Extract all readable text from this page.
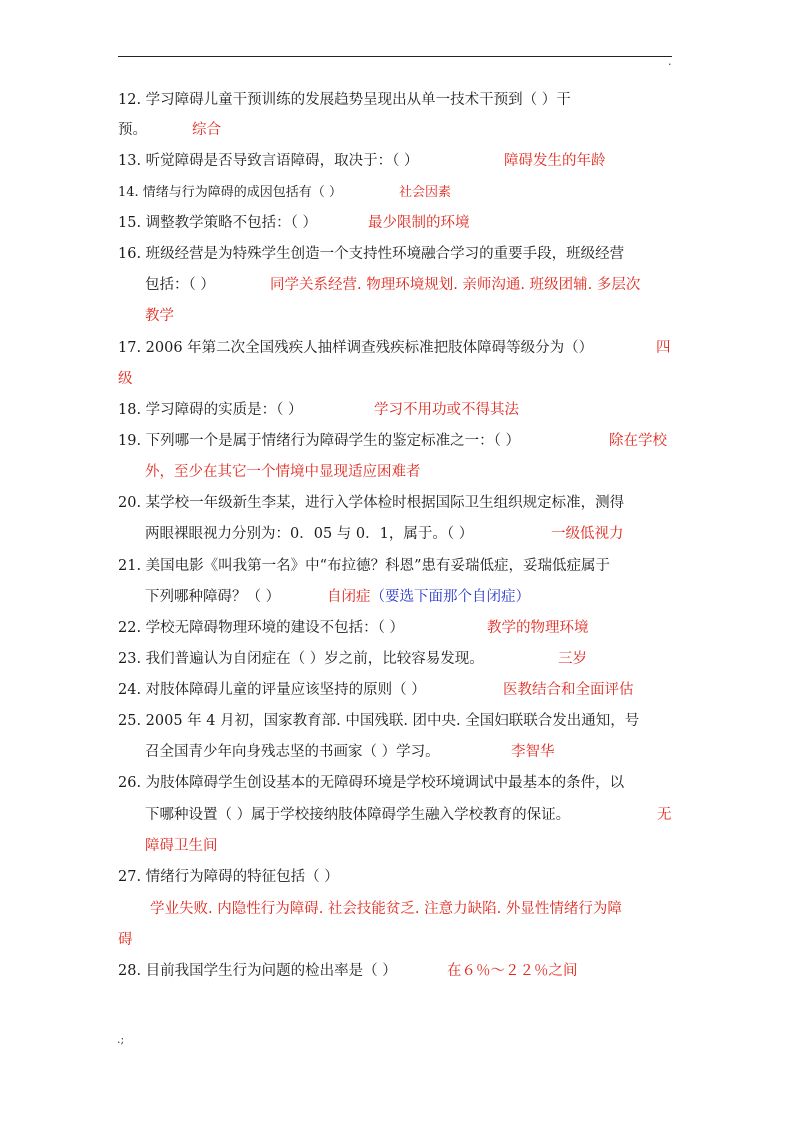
.
12. 学习障碍儿童干预训练的发展趋势呈现出从单一技术干预到（ ）干
预。	综合
13. 听觉障碍是否导致言语障碍，取决于：（ ）	障碍发生的年龄
14. 情绪与行为障碍的成因包括有（ ）	社会因素
15. 调整教学策略不包括：（ ）	最少限制的环境
16. 班级经营是为特殊学生创造一个支持性环境融合学习的重要手段，班级经营
包括：（ ）	同学关系经营. 物理环境规划. 亲师沟通. 班级团辅. 多层次
教学
17. 2006 年第二次全国残疾人抽样调查残疾标准把肢体障碍等级分为（）	四
级
18. 学习障碍的实质是：（ ）	学习不用功或不得其法
19. 下列哪一个是属于情绪行为障碍学生的鉴定标准之一：（ ）	除在学校
外，至少在其它一个情境中显现适应困难者
20. 某学校一年级新生李某，进行入学体检时根据国际卫生组织规定标准，测得
两眼裸眼视力分别为：0．05 与 0．1，属于。（ ）	一级低视力
21. 美国电影《叫我第一名》中“布拉德？科恩”患有妥瑞低症，妥瑞低症属于
下列哪种障碍？（ ）	自闭症（要选下面那个自闭症）
22. 学校无障碍物理环境的建设不包括：（ ）	教学的物理环境
23. 我们普遍认为自闭症在（ ）岁之前，比较容易发现。	三岁
24. 对肢体障碍儿童的评量应该坚持的原则（ ）	医教结合和全面评估
25. 2005 年 4 月初，国家教育部. 中国残联. 团中央. 全国妇联联合发出通知，号
召全国青少年向身残志坚的书画家（ ）学习。	李智华
26. 为肢体障碍学生创设基本的无障碍环境是学校环境调试中最基本的条件，以
下哪种设置（ ）属于学校接纳肢体障碍学生融入学校教育的保证。	无
障碍卫生间
27. 情绪行为障碍的特征包括（ ）
学业失败. 内隐性行为障碍. 社会技能贫乏. 注意力缺陷. 外显性情绪行为障
碍
28. 目前我国学生行为问题的检出率是（ ）	在６％～２２％之间
.;
